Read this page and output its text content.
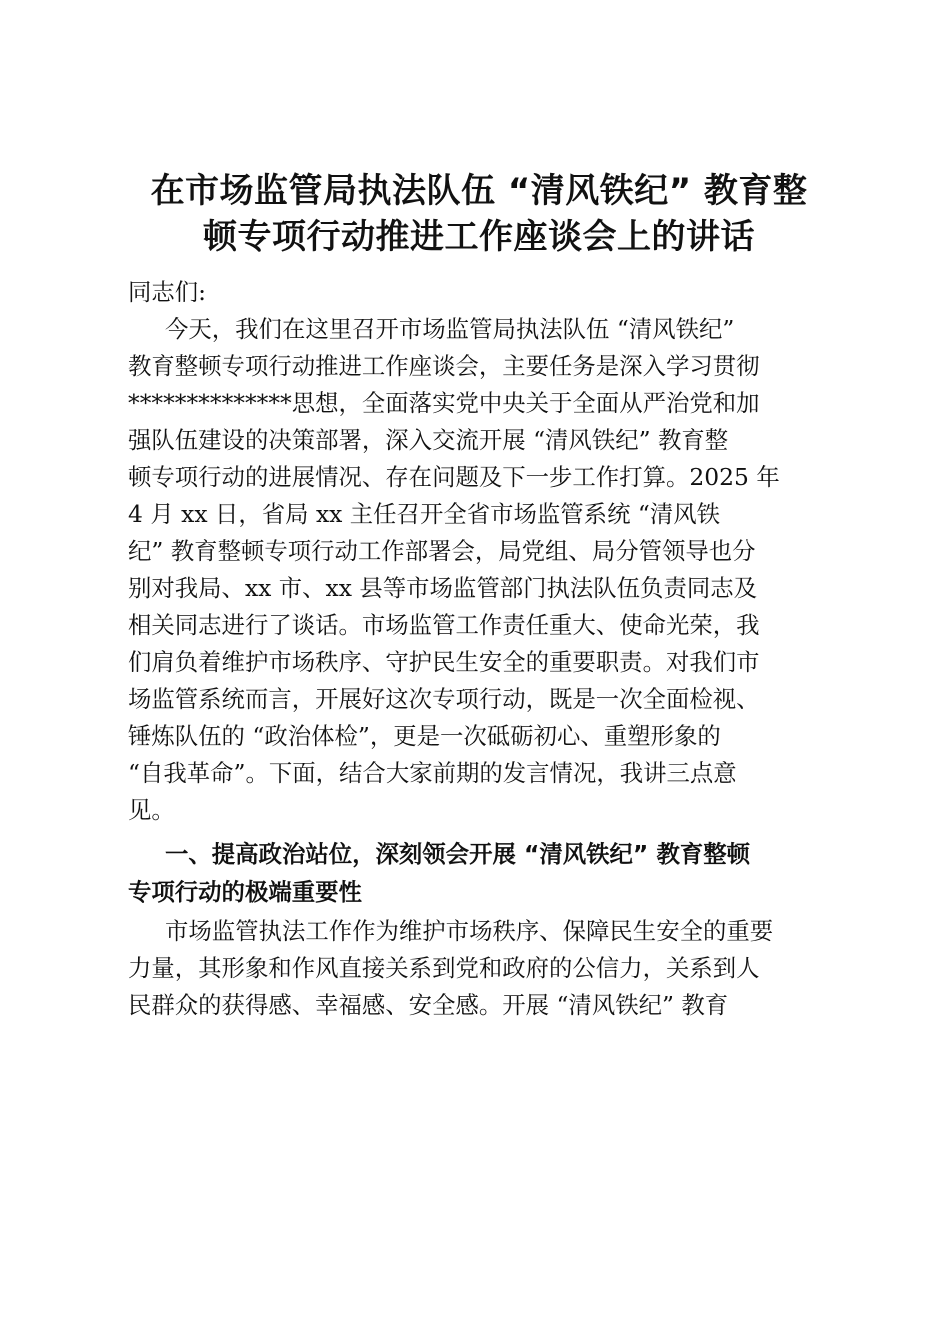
在市场监管局执法队伍 “清风铁纪” 教育整
顿专项行动推进工作座谈会上的讲话

同志们:

今天，我们在这里召开市场监管局执法队伍 “清风铁纪”
教育整顿专项行动推进工作座谈会，主要任务是深入学习贯彻
**************思想，全面落实党中央关于全面从严治党和加
强队伍建设的决策部署，深入交流开展 “清风铁纪” 教育整
顿专项行动的进展情况、存在问题及下一步工作打算。2025 年
4 月 xx 日，省局 xx 主任召开全省市场监管系统 “清风铁
纪” 教育整顿专项行动工作部署会，局党组、局分管领导也分
别对我局、xx 市、xx 县等市场监管部门执法队伍负责同志及
相关同志进行了谈话。市场监管工作责任重大、使命光荣，我
们肩负着维护市场秩序、守护民生安全的重要职责。对我们市
场监管系统而言，开展好这次专项行动，既是一次全面检视、
锤炼队伍的 “政治体检”，更是一次砥砺初心、重塑形象的
“自我革命”。下面，结合大家前期的发言情况，我讲三点意
见。

一、提高政治站位，深刻领会开展 “清风铁纪” 教育整顿
专项行动的极端重要性

市场监管执法工作作为维护市场秩序、保障民生安全的重要
力量，其形象和作风直接关系到党和政府的公信力，关系到人
民群众的获得感、幸福感、安全感。开展 “清风铁纪” 教育
